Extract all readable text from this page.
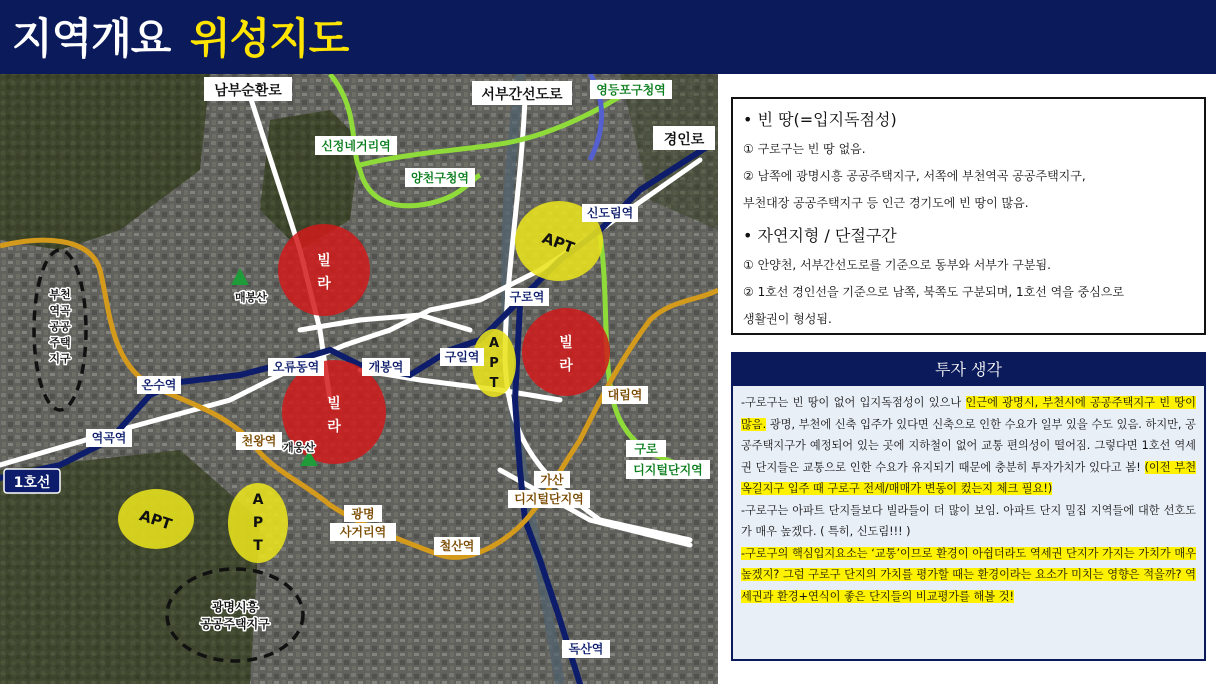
지역개요 위성지도
빌
라
빌
라
빌
라
APT
A
P
T
APT
A
P
T
매봉산
개웅산
남부순환로	서부간선도로
경인로
1호선
영등포구청역
신정네거리역
양천구청역
구로
디지털단지역
신도림역
구로역
구일역
개봉역
오류동역
온수역
역곡역
독산역
천왕역
대림역
가산
디지털단지역
광명
사거리역
철산역
부천
역곡
공공
주택
지구
광명시흥
공공주택지구
• 빈 땅(=입지독점성)

① 구로구는 빈 땅 없음.

② 남쪽에 광명시흥 공공주택지구, 서쪽에 부천역곡 공공주택지구,

부천대장 공공주택지구 등 인근 경기도에 빈 땅이 많음.

• 자연지형 / 단절구간

① 안양천, 서부간선도로를 기준으로 동부와 서부가 구분됨.

② 1호선 경인선을 기준으로 남쪽, 북쪽도 구분되며, 1호선 역을 중심으로

생활권이 형성됨.

투자 생각
-구로구는 빈 땅이 없어 입지독점성이 있으나 인근에 광명시, 부천시에 공공주택지구 빈 땅이 많음. 광명, 부천에 신축 입주가 있다면 신축으로 인한 수요가 일부 있을 수도 있음. 하지만, 공공주택지구가 예정되어 있는 곳에 지하철이 없어 교통 편의성이 떨어짐. 그렇다면 1호선 역세권 단지들은 교통으로 인한 수요가 유지되기 때문에 충분히 투자가치가 있다고 봄! (이전 부천 옥길지구 입주 때 구로구 전세/매매가 변동이 컸는지 체크 필요!)
-구로구는 아파트 단지들보다 빌라들이 더 많이 보임. 아파트 단지 밀집 지역들에 대한 선호도가 매우 높겠다. ( 특히, 신도림!!! )
-구로구의 핵심입지요소는 ‘교통’이므로 환경이 아쉽더라도 역세권 단지가 가지는 가치가 매우 높겠지? 그럼 구로구 단지의 가치를 평가할 때는 환경이라는 요소가 미치는 영향은 적을까? 역세권과 환경+연식이 좋은 단지들의 비교평가를 해볼 것!
